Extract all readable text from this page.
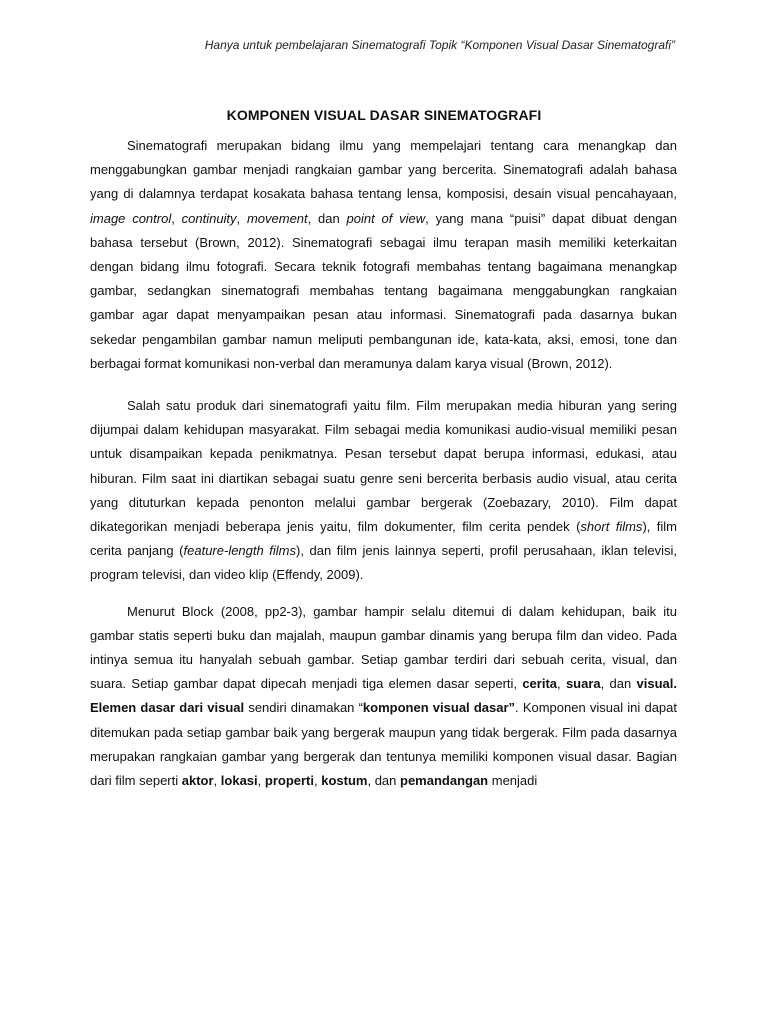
Hanya untuk pembelajaran Sinematografi Topik “Komponen Visual Dasar Sinematografi”
KOMPONEN VISUAL DASAR SINEMATOGRAFI

Sinematografi merupakan bidang ilmu yang mempelajari tentang cara menangkap dan menggabungkan gambar menjadi rangkaian gambar yang bercerita. Sinematografi adalah bahasa yang di dalamnya terdapat kosakata bahasa tentang lensa, komposisi, desain visual pencahayaan, image control, continuity, movement, dan point of view, yang mana “puisi” dapat dibuat dengan bahasa tersebut (Brown, 2012). Sinematografi sebagai ilmu terapan masih memiliki keterkaitan dengan bidang ilmu fotografi. Secara teknik fotografi membahas tentang bagaimana menangkap gambar, sedangkan sinematografi membahas tentang bagaimana menggabungkan rangkaian gambar agar dapat menyampaikan pesan atau informasi. Sinematografi pada dasarnya bukan sekedar pengambilan gambar namun meliputi pembangunan ide, kata-kata, aksi, emosi, tone dan berbagai format komunikasi non-verbal dan meramunya dalam karya visual (Brown, 2012).

Salah satu produk dari sinematografi yaitu film. Film merupakan media hiburan yang sering dijumpai dalam kehidupan masyarakat. Film sebagai media komunikasi audio-visual memiliki pesan untuk disampaikan kepada penikmatnya. Pesan tersebut dapat berupa informasi, edukasi, atau hiburan. Film saat ini diartikan sebagai suatu genre seni bercerita berbasis audio visual, atau cerita yang dituturkan kepada penonton melalui gambar bergerak (Zoebazary, 2010). Film dapat dikategorikan menjadi beberapa jenis yaitu, film dokumenter, film cerita pendek (short films), film cerita panjang (feature-length films), dan film jenis lainnya seperti, profil perusahaan, iklan televisi, program televisi, dan video klip (Effendy, 2009).

Menurut Block (2008, pp2-3), gambar hampir selalu ditemui di dalam kehidupan, baik itu gambar statis seperti buku dan majalah, maupun gambar dinamis yang berupa film dan video. Pada intinya semua itu hanyalah sebuah gambar. Setiap gambar terdiri dari sebuah cerita, visual, dan suara. Setiap gambar dapat dipecah menjadi tiga elemen dasar seperti, cerita, suara, dan visual. Elemen dasar dari visual sendiri dinamakan “komponen visual dasar”. Komponen visual ini dapat ditemukan pada setiap gambar baik yang bergerak maupun yang tidak bergerak. Film pada dasarnya merupakan rangkaian gambar yang bergerak dan tentunya memiliki komponen visual dasar. Bagian dari film seperti aktor, lokasi, properti, kostum, dan pemandangan menjadi
